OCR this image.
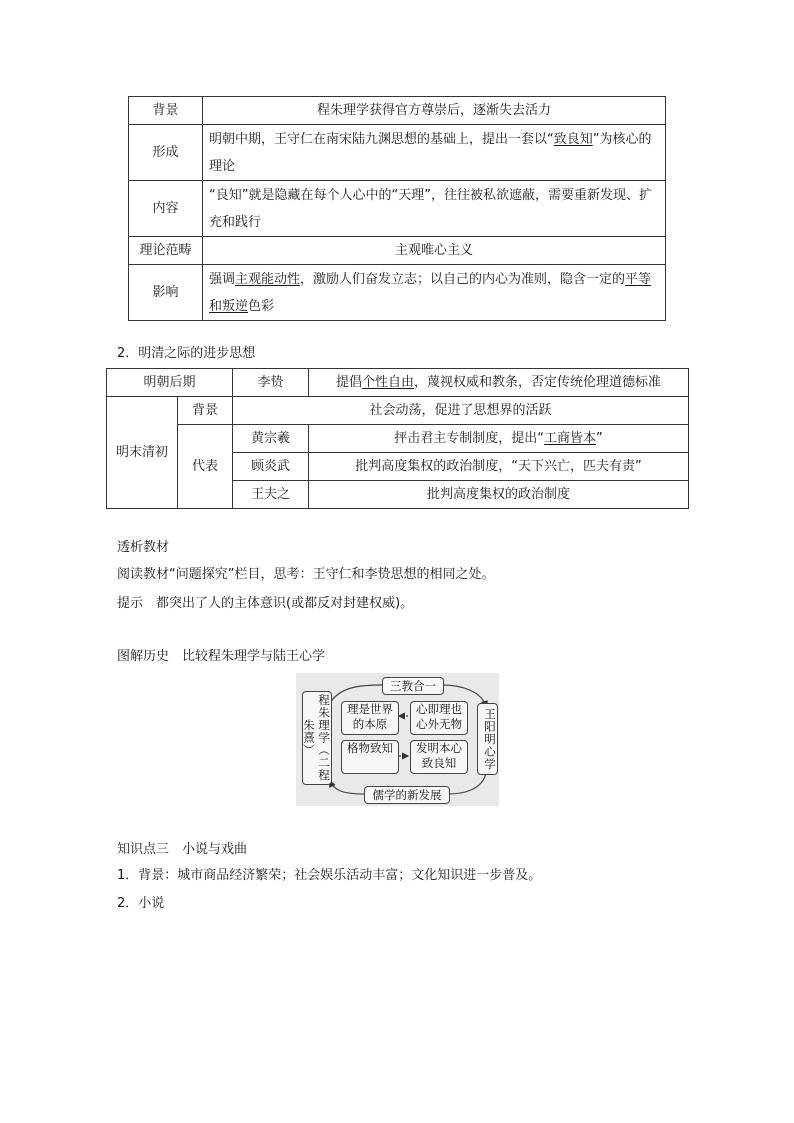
背景	程朱理学获得官方尊崇后，逐渐失去活力
形成	明朝中期，王守仁在南宋陆九渊思想的基础上，提出一套以“致良知”为核心的理论
内容	“良知”就是隐藏在每个人心中的“天理”，往往被私欲遮蔽，需要重新发现、扩充和践行
理论范畴	主观唯心主义
影响	强调主观能动性，激励人们奋发立志；以自己的内心为准则，隐含一定的平等和叛逆色彩
2．明清之际的进步思想
明朝后期		李贽	提倡个性自由，蔑视权威和教条，否定传统伦理道德标准
明末清初	背景	社会动荡，促进了思想界的活跃	
	代表	黄宗羲	抨击君主专制制度，提出“工商皆本”
		顾炎武	批判高度集权的政治制度，“天下兴亡，匹夫有责”
		王夫之	批判高度集权的政治制度
透析教材
阅读教材“问题探究”栏目，思考：王守仁和李贽思想的相同之处。
提示　都突出了人的主体意识(或都反对封建权威)。
图解历史　比较程朱理学与陆王心学
程朱理学（二程朱熹）	王阳明心学
三教合一
儒学的新发展
理是世界的本原
心即理也心外无物
格物致知	发明本心致良知
知识点三　小说与戏曲
1．背景：城市商品经济繁荣；社会娱乐活动丰富；文化知识进一步普及。
2．小说
